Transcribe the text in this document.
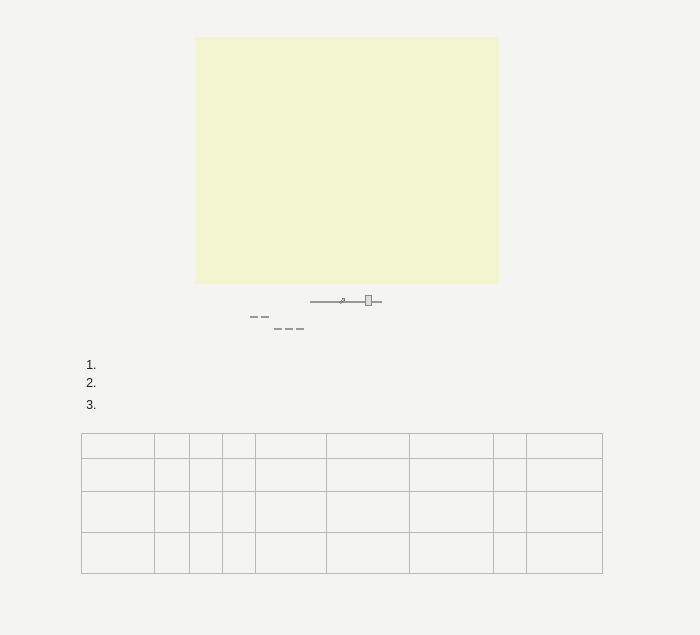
⇗
1.
2.
3.
